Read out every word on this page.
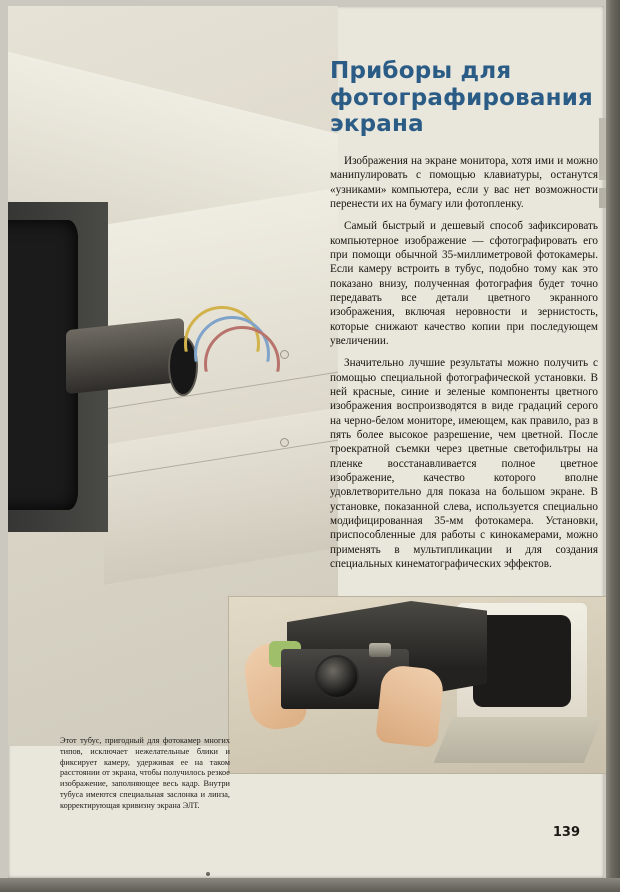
Приборы для фотографирования экрана

Изображения на экране монитора, хотя ими и можно манипулировать с помощью клавиатуры, останутся «узниками» компьютера, если у вас нет возможности перенести их на бумагу или фотопленку.

Самый быстрый и дешевый способ зафиксировать компьютерное изображение — сфотографировать его при помощи обычной 35-миллиметровой фотокамеры. Если камеру встроить в тубус, подобно тому как это показано внизу, полученная фотография будет точно передавать все детали цветного экранного изображения, включая неровности и зернистость, которые снижают качество копии при последующем увеличении.

Значительно лучшие результаты можно получить с помощью специальной фотографической установки. В ней красные, синие и зеленые компоненты цветного изображения воспроизводятся в виде градаций серого на черно-белом мониторе, имеющем, как правило, раз в пять более высокое разрешение, чем цветной. После троекратной съемки через цветные светофильтры на пленке восстанавливается полное цветное изображение, качество которого вполне удовлетворительно для показа на большом экране. В установке, показанной слева, используется специально модифицированная 35-мм фотокамера. Установки, приспособленные для работы с кинокамерами, можно применять в мультипликации и для создания специальных кинематографических эффектов.

Этот тубус, пригодный для фотокамер многих типов, исключает нежелательные блики и фиксирует камеру, удерживая ее на таком расстоянии от экрана, чтобы получилось резкое изображение, заполняющее весь кадр. Внутри тубуса имеются специальная заслонка и линза, корректирующая кривизну экрана ЭЛТ.
139
